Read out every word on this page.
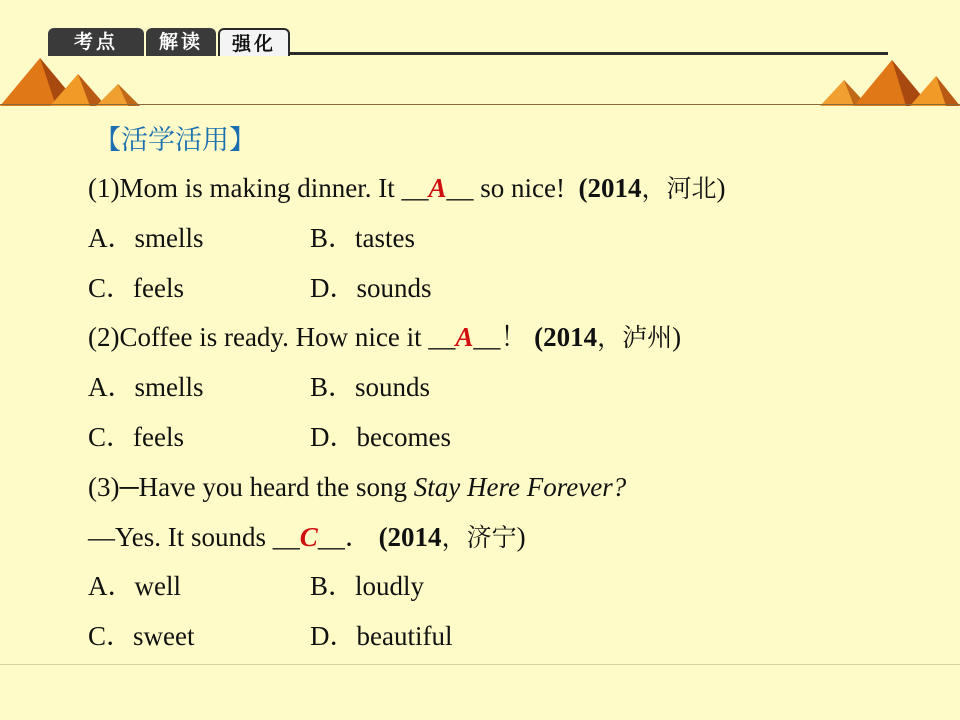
考点	解读	强化
【活学活用】
(1)Mom is making dinner. It __A__ so nice! (2014，河北)
A．smells	B．tastes
C．feels	D．sounds
(2)Coffee is ready. How nice it __A__！ (2014，泸州)
A．smells	B．sounds
C．feels	D．becomes
(3)─Have you heard the song Stay Here Forever?
—Yes. It sounds __C__． (2014，济宁)
A．well	B．loudly
C．sweet	D．beautiful
